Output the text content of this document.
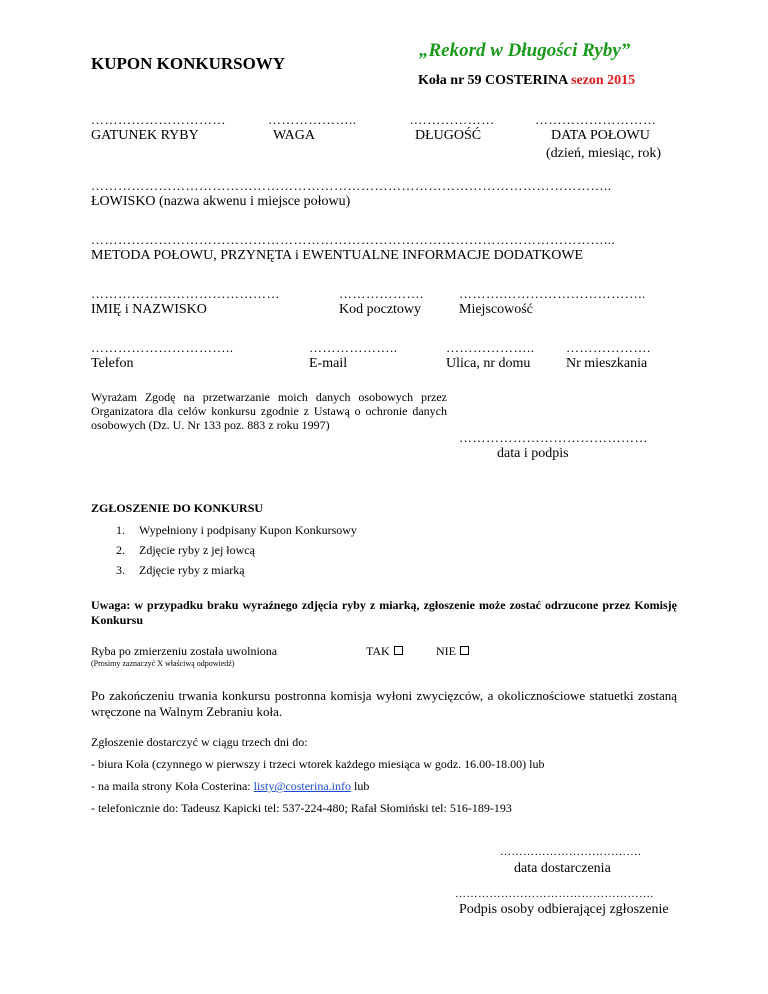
KUPON KONKURSOWY
„Rekord w Długości Ryby”
Koła nr 59 COSTERINA sezon 2015
…………………………	………………..	.………………	………………………
GATUNEK RYBY	WAGA	DŁUGOŚĆ	DATA POŁOWU
(dzień, miesiąc, rok)
……………………………………………………………………………………………………..
ŁOWISKO (nazwa akwenu i miejsce połowu)
……………………………………………………………………………………………………...
METODA POŁOWU, PRZYNĘTA i EWENTUALNE INFORMACJE DODATKOWE
……………………………………	……………….	……….…………………………..
IMIĘ i NAZWISKO	Kod pocztowy	Miejscowość
…………………………..	………………..	……………….. ……………….
Telefon	E-mail	Ulica, nr domu	Nr mieszkania
Wyrażam Zgodę na przetwarzanie moich danych osobowych przez Organizatora dla celów konkursu zgodnie z Ustawą o ochronie danych osobowych (Dz. U. Nr 133 poz. 883 z roku 1997)
……………………………………
data i podpis
ZGŁOSZENIE DO KONKURSU
1. Wypełniony i podpisany Kupon Konkursowy
2. Zdjęcie ryby z jej łowcą
3. Zdjęcie ryby z miarką
Uwaga: w przypadku braku wyraźnego zdjęcia ryby z miarką, zgłoszenie może zostać odrzucone przez Komisję Konkursu
Ryba po zmierzeniu została uwolniona	TAK	NIE
(Prosimy zaznaczyć X właściwą odpowiedź)
Po zakończeniu trwania konkursu postronna komisja wyłoni zwycięzców, a okolicznościowe statuetki zostaną wręczone na Walnym Zebraniu koła.
Zgłoszenie dostarczyć w ciągu trzech dni do:
- biura Koła (czynnego w pierwszy i trzeci wtorek każdego miesiąca w godz. 16.00-18.00) lub
- na maila strony Koła Costerina: listy@costerina.info lub
- telefonicznie do: Tadeusz Kapicki tel: 537-224-480; Rafał Słomiński tel: 516-189-193
……………………………….
data dostarczenia
…………………………………………….
Podpis osoby odbierającej zgłoszenie
